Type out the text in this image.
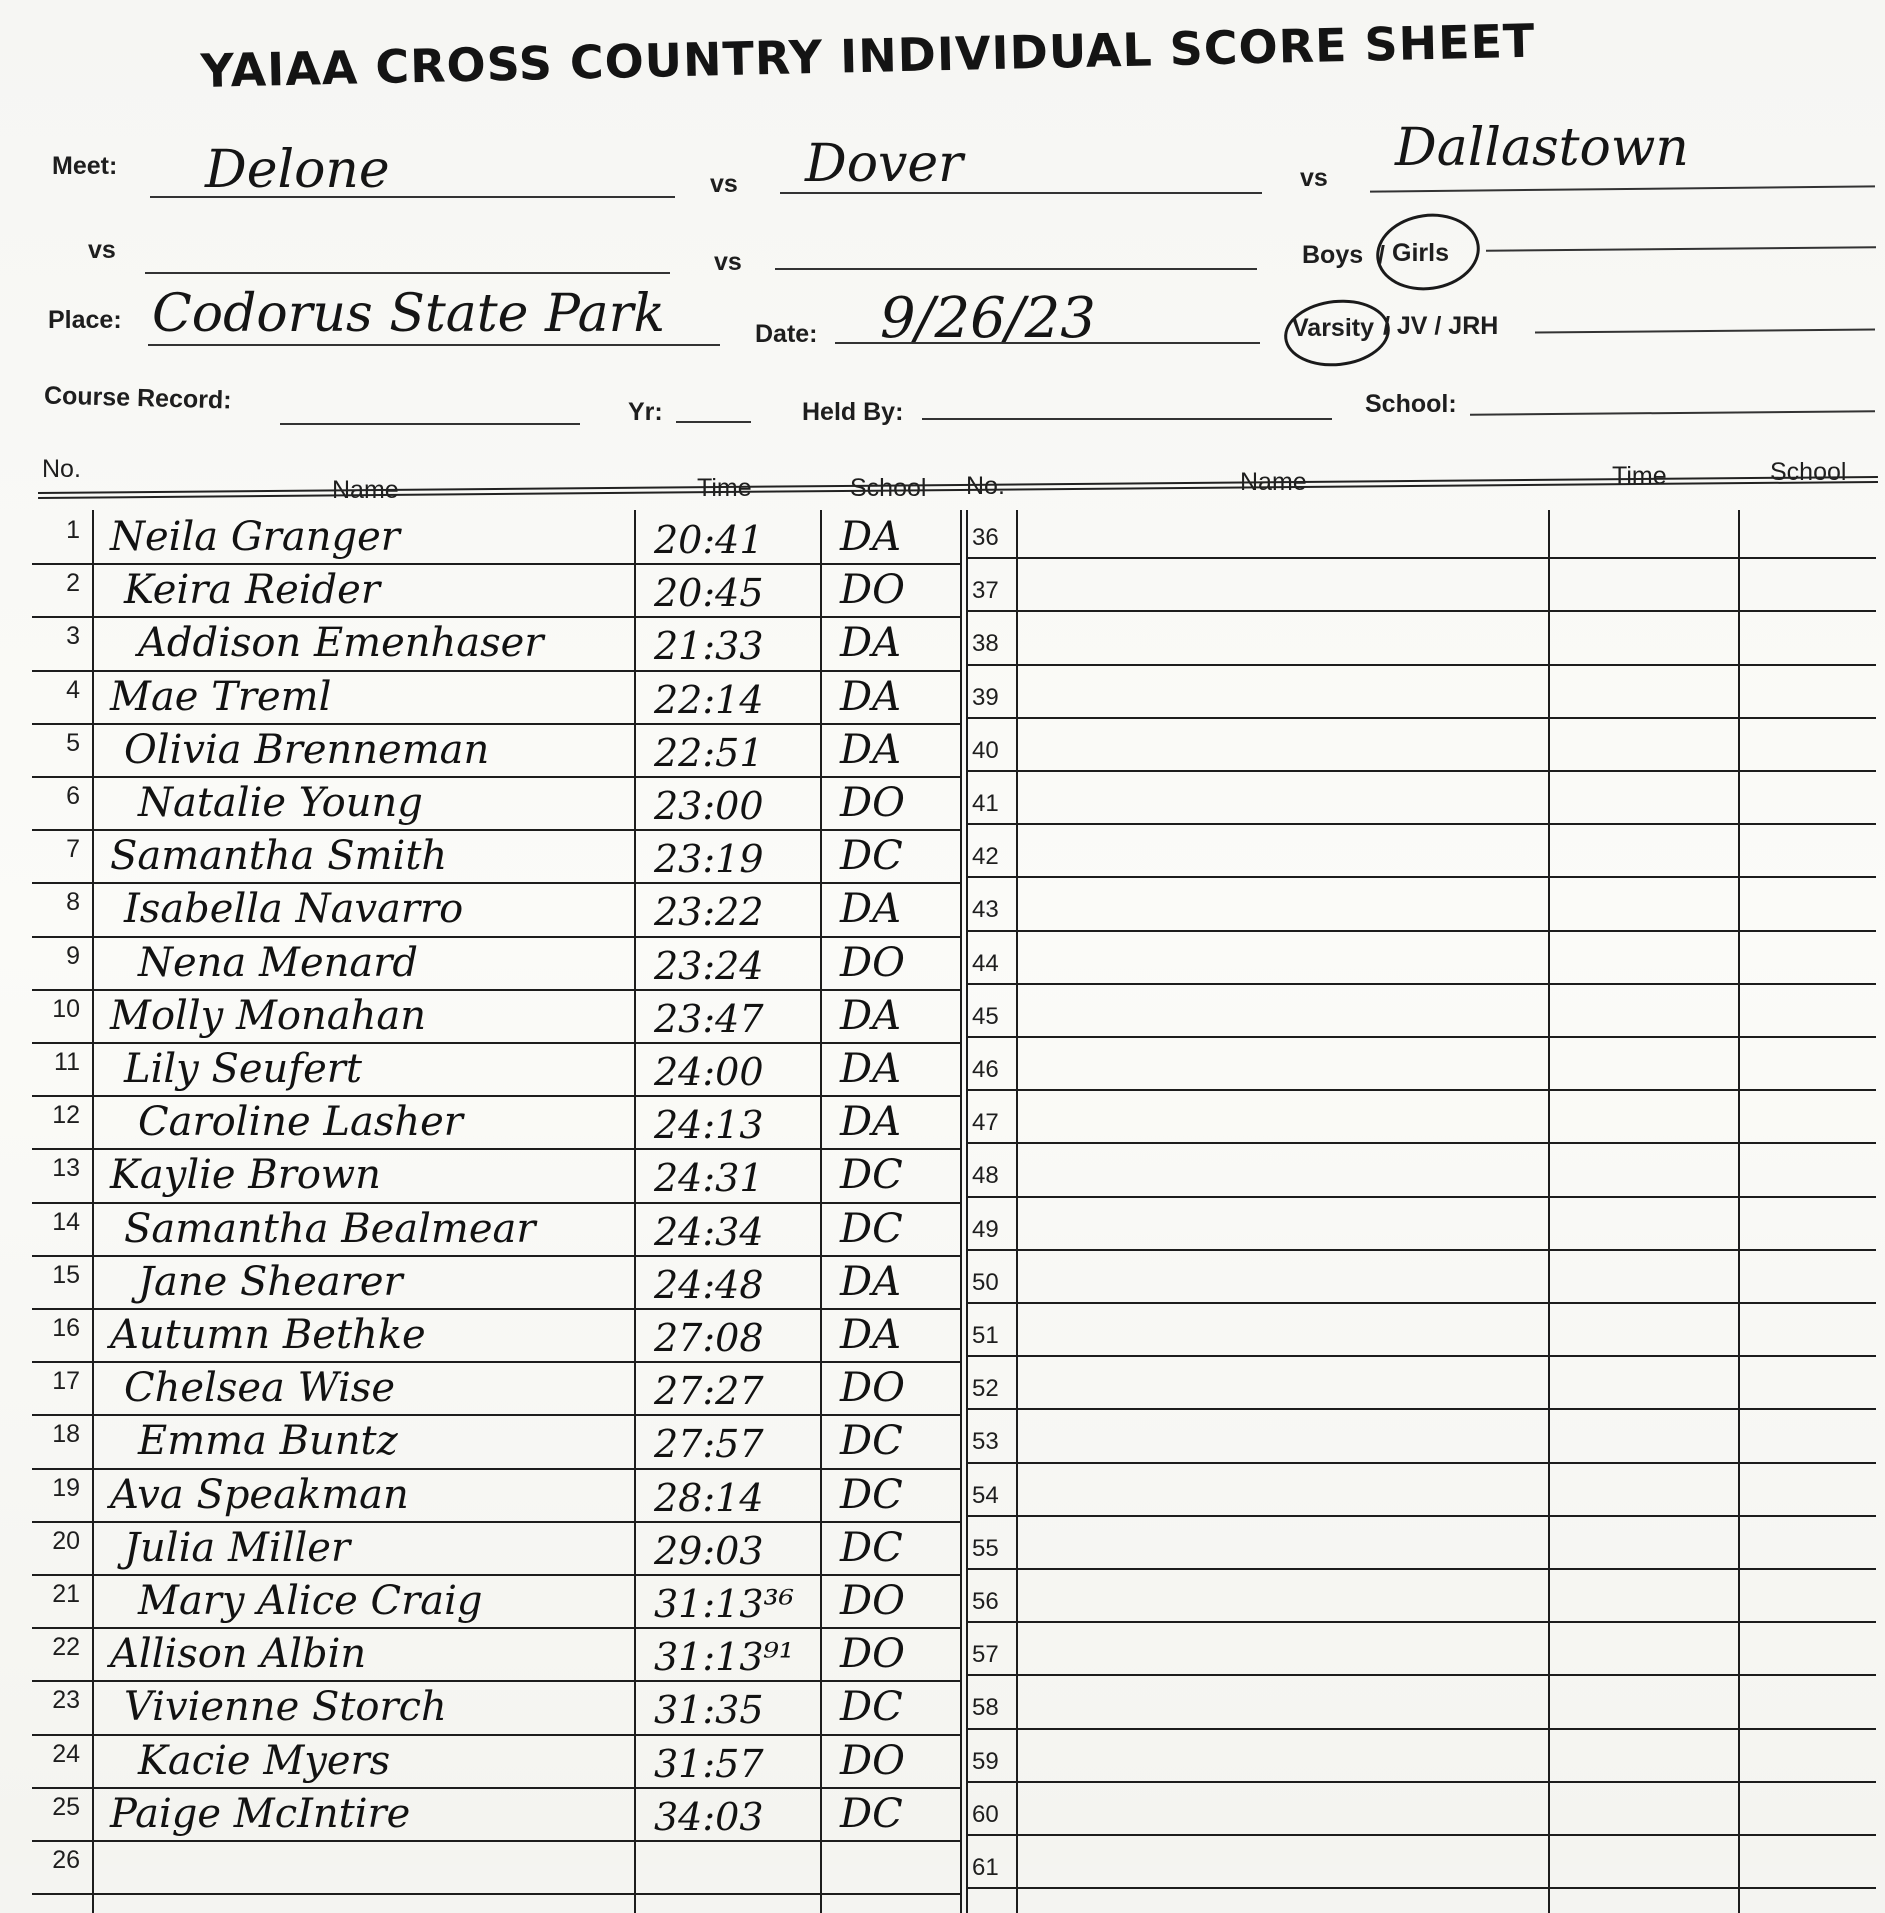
YAIAA CROSS COUNTRY INDIVIDUAL SCORE SHEET
Meet: Delone	vs Dover	vs Dallastown
vs	vs	Boys / Girls
Place: Codorus State Park	Date: 9/26/23	Varsity / JV / JRH
Course Record:	Yr:	Held By:	School:
No.
Name	Time	School No.	Name	Time	School
1 Neila Granger	20:41 DA	36
2 Keira Reider	20:45 DO	37
3 Addison Emenhaser	21:33 DA	38
4 Mae Treml	22:14 DA	39
5 Olivia Brenneman	22:51 DA	40
6 Natalie Young	23:00 DO	41
7 Samantha Smith	23:19 DC	42
8 Isabella Navarro	23:22 DA	43
9 Nena Menard	23:24 DO	44
10 Molly Monahan	23:47 DA	45
11 Lily Seufert	24:00 DA	46
12 Caroline Lasher	24:13 DA	47
13 Kaylie Brown	24:31 DC	48
14 Samantha Bealmear	24:34 DC	49
15 Jane Shearer	24:48 DA	50
16 Autumn Bethke	27:08 DA	51
17 Chelsea Wise	27:27 DO	52
18 Emma Buntz	27:57 DC	53
19 Ava Speakman	28:14 DC	54
20 Julia Miller	29:03 DC	55
21 Mary Alice Craig	31:13³⁶ DO	56
22 Allison Albin	31:13⁹¹ DO	57
23 Vivienne Storch	31:35 DC	58
24 Kacie Myers	31:57 DO	59
25 Paige McIntire	34:03 DC	60
26	61
